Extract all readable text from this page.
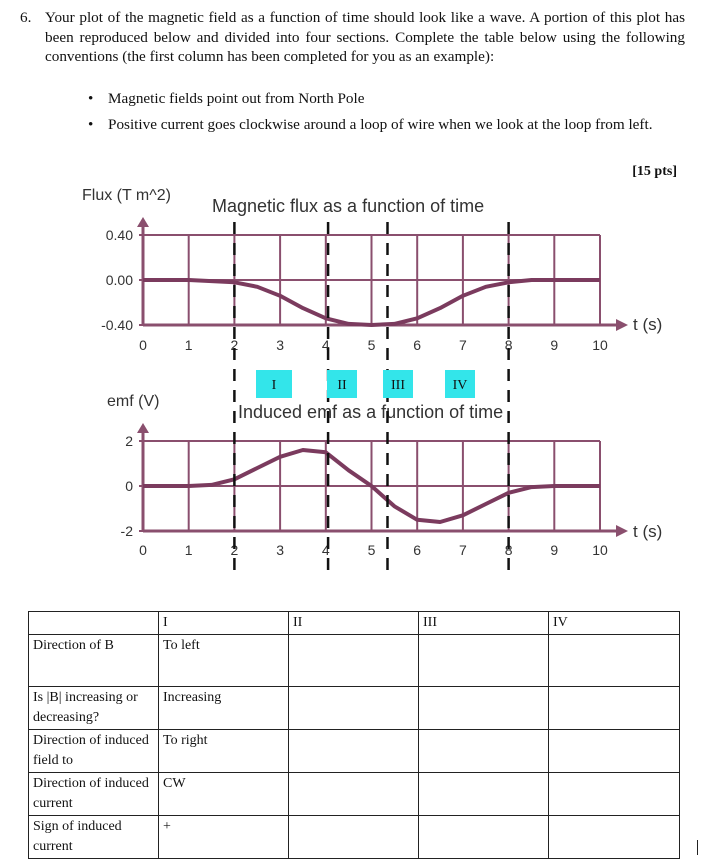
6. Your plot of the magnetic field as a function of time should look like a wave. A portion of this plot has been reproduced below and divided into four sections. Complete the table below using the following conventions (the first column has been completed for you as an example):
• Magnetic fields point out from North Pole
• Positive current goes clockwise around a loop of wire when we look at the loop from left.
[15 pts]
Flux (T m^2)
Magnetic flux as a function of time
0.40
0.00
-0.40	t (s)
0	1	2	3	4	5	6	7	8	9 10
emf (V)
Induced emf as a function of time
2
0
-2	t (s)
0	1	2	3	4	5	6	7	8	9 10
I	II	III	IV
	I	II	III	IV
Direction of B	To left			
Is |B| increasing or decreasing?	Increasing			
Direction of induced field to	To right			
Direction of induced current	CW			
Sign of induced current	+			
